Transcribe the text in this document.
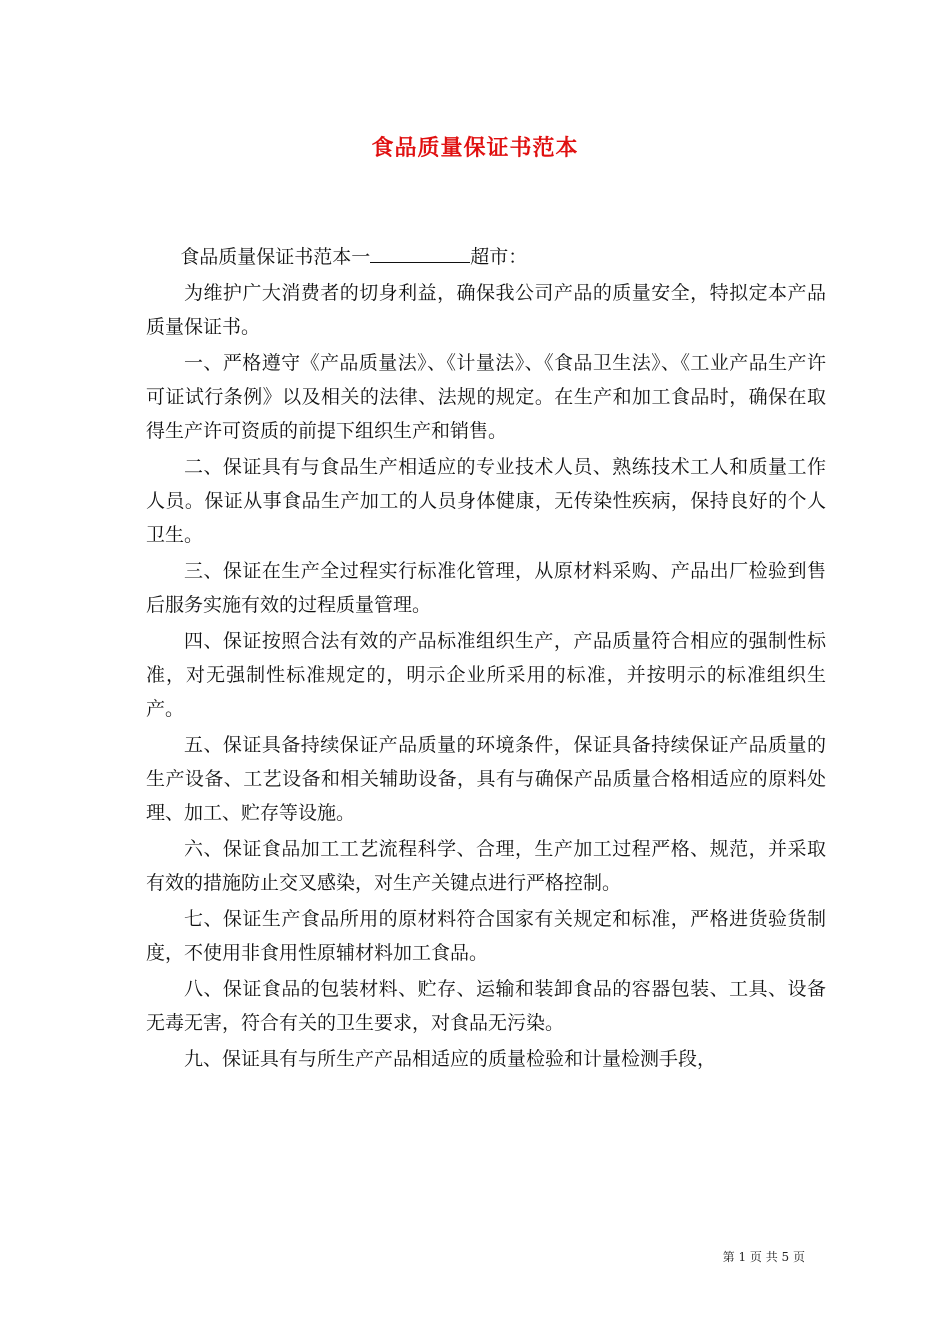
食品质量保证书范本

食品质量保证书范本一	超市：

为维护广大消费者的切身利益，确保我公司产品的质量安全，特拟定本产品质量保证书。

一、严格遵守《产品质量法》、《计量法》、《食品卫生法》、《工业产品生产许可证试行条例》以及相关的法律、法规的规定。在生产和加工食品时，确保在取得生产许可资质的前提下组织生产和销售。

二、保证具有与食品生产相适应的专业技术人员、熟练技术工人和质量工作人员。保证从事食品生产加工的人员身体健康，无传染性疾病，保持良好的个人卫生。

三、保证在生产全过程实行标准化管理，从原材料采购、产品出厂检验到售后服务实施有效的过程质量管理。

四、保证按照合法有效的产品标准组织生产，产品质量符合相应的强制性标准，对无强制性标准规定的，明示企业所采用的标准，并按明示的标准组织生产。

五、保证具备持续保证产品质量的环境条件，保证具备持续保证产品质量的生产设备、工艺设备和相关辅助设备，具有与确保产品质量合格相适应的原料处理、加工、贮存等设施。

六、保证食品加工工艺流程科学、合理，生产加工过程严格、规范，并采取有效的措施防止交叉感染，对生产关键点进行严格控制。

七、保证生产食品所用的原材料符合国家有关规定和标准，严格进货验货制度，不使用非食用性原辅材料加工食品。

八、保证食品的包装材料、贮存、运输和装卸食品的容器包装、工具、设备无毒无害，符合有关的卫生要求，对食品无污染。

九、保证具有与所生产产品相适应的质量检验和计量检测手段，

第 1 页 共 5 页
